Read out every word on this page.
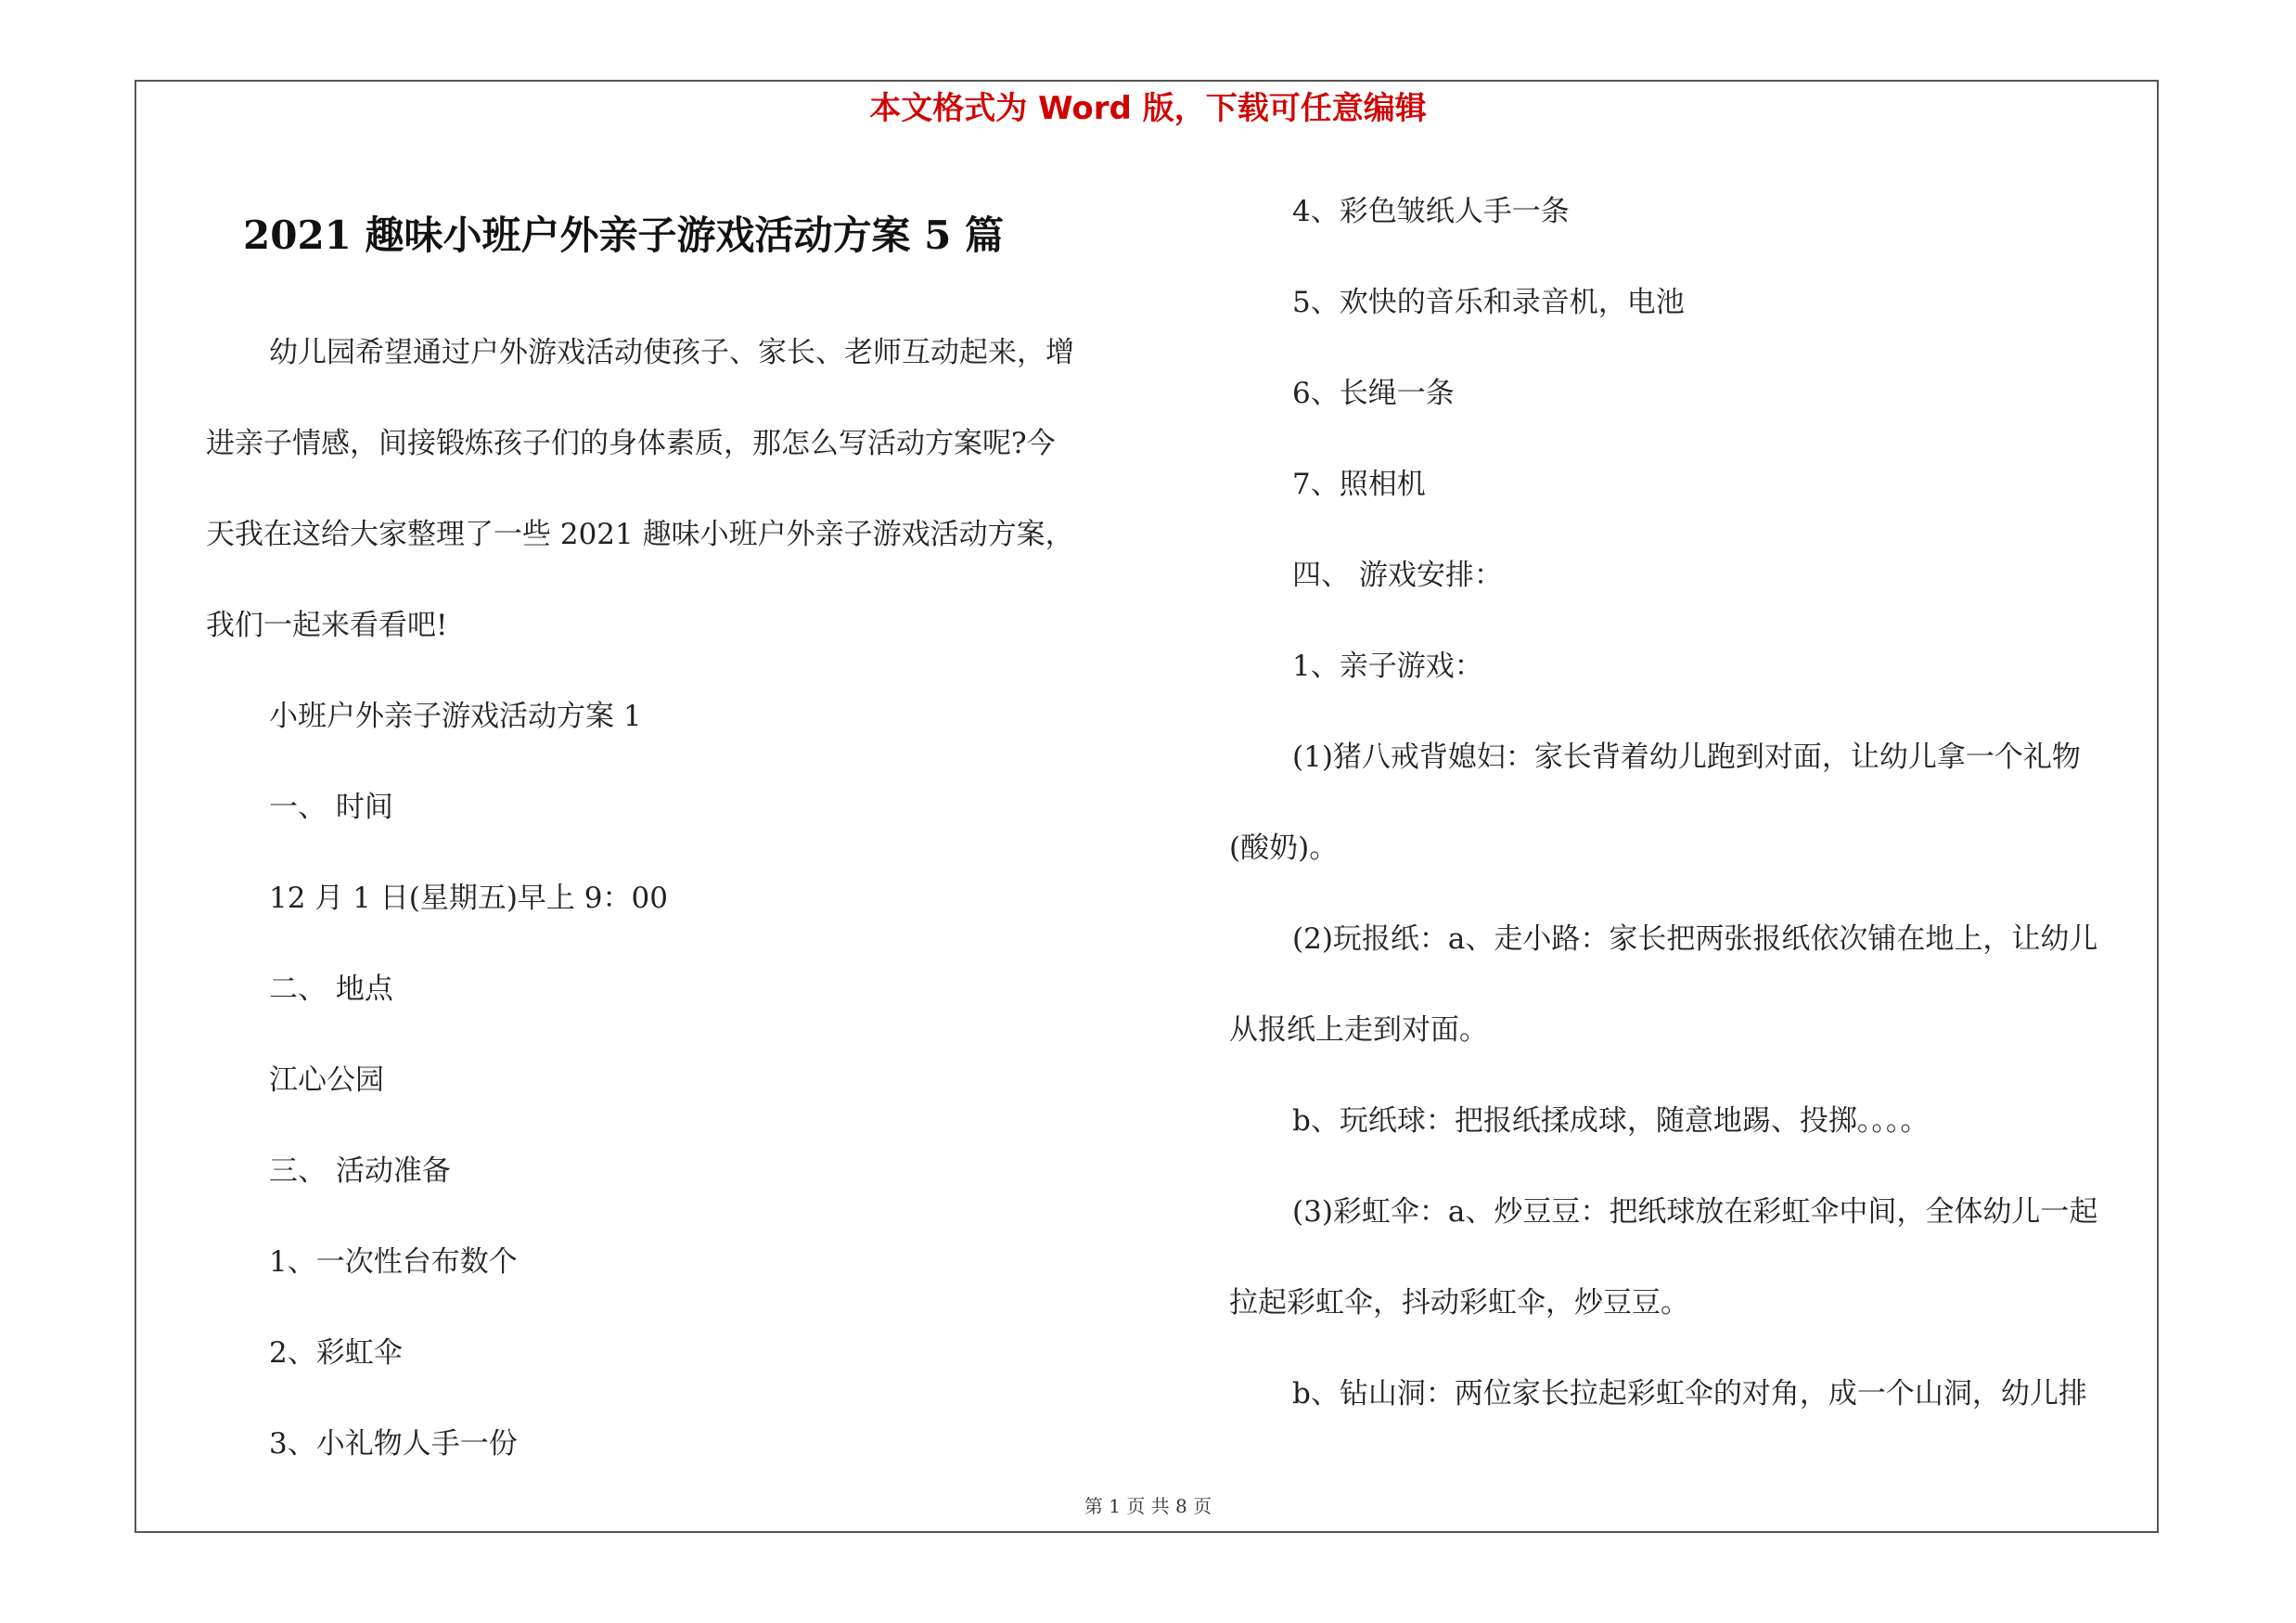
本文格式为 Word 版，下载可任意编辑
2021 趣味小班户外亲子游戏活动方案 5 篇
幼儿园希望通过户外游戏活动使孩子、家长、老师互动起来，增
进亲子情感，间接锻炼孩子们的身体素质，那怎么写活动方案呢?今
天我在这给大家整理了一些 2021 趣味小班户外亲子游戏活动方案，
我们一起来看看吧!
小班户外亲子游戏活动方案 1
一、 时间
12 月 1 日(星期五)早上 9：00
二、 地点
江心公园
三、 活动准备
1、一次性台布数个
2、彩虹伞
3、小礼物人手一份
4、彩色皱纸人手一条
5、欢快的音乐和录音机，电池
6、长绳一条
7、照相机
四、 游戏安排：
1、亲子游戏：
(1)猪八戒背媳妇：家长背着幼儿跑到对面，让幼儿拿一个礼物
(酸奶)。
(2)玩报纸：a、走小路：家长把两张报纸依次铺在地上，让幼儿
从报纸上走到对面。
b、玩纸球：把报纸揉成球，随意地踢、投掷。。。。
(3)彩虹伞：a、炒豆豆：把纸球放在彩虹伞中间，全体幼儿一起
拉起彩虹伞，抖动彩虹伞，炒豆豆。
b、钻山洞：两位家长拉起彩虹伞的对角，成一个山洞，幼儿排
第 1 页 共 8 页
